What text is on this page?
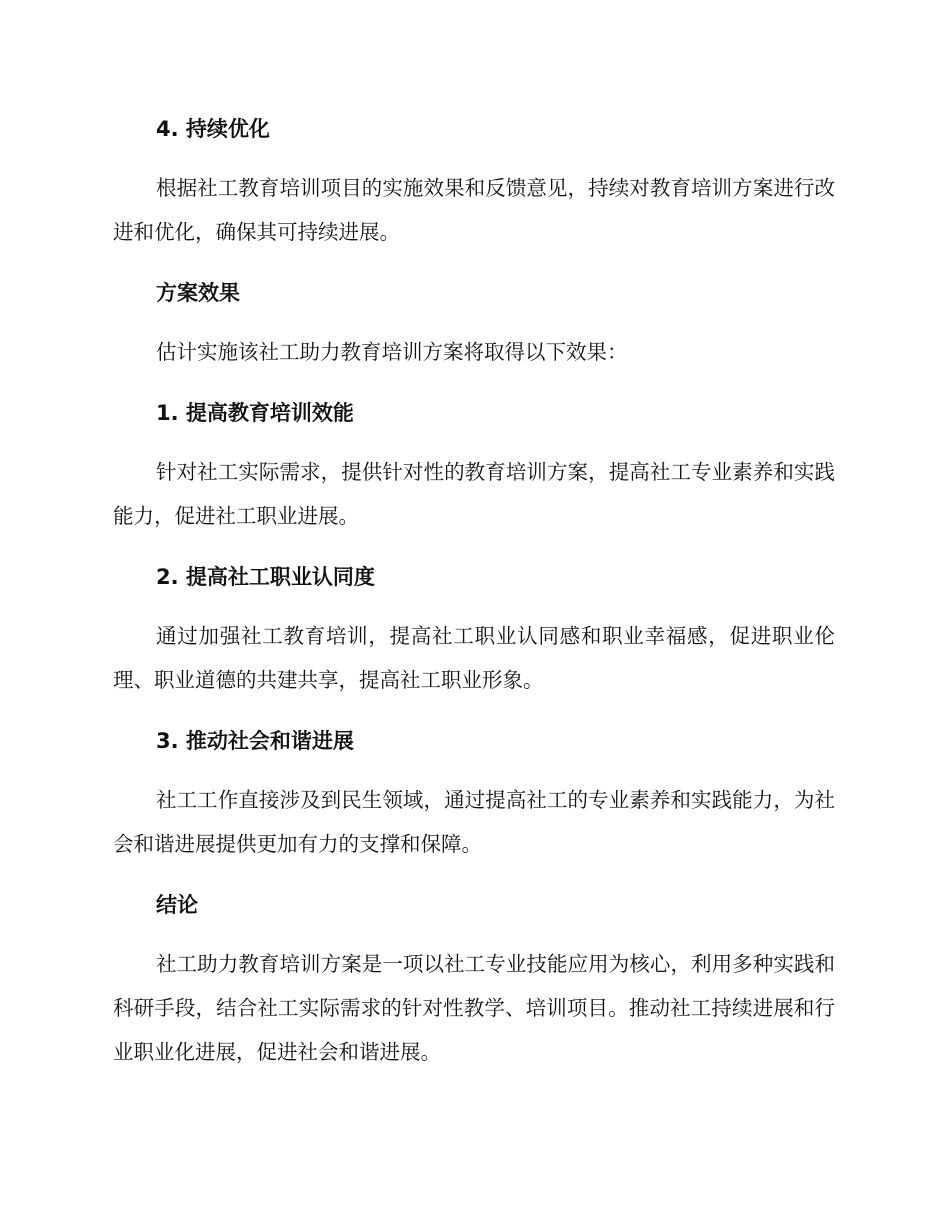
4. 持续优化

根据社工教育培训项目的实施效果和反馈意见，持续对教育培训方案进行改进和优化，确保其可持续进展。

方案效果

估计实施该社工助力教育培训方案将取得以下效果：

1. 提高教育培训效能

针对社工实际需求，提供针对性的教育培训方案，提高社工专业素养和实践能力，促进社工职业进展。

2. 提高社工职业认同度

通过加强社工教育培训，提高社工职业认同感和职业幸福感，促进职业伦理、职业道德的共建共享，提高社工职业形象。

3. 推动社会和谐进展

社工工作直接涉及到民生领域，通过提高社工的专业素养和实践能力，为社会和谐进展提供更加有力的支撑和保障。

结论

社工助力教育培训方案是一项以社工专业技能应用为核心，利用多种实践和科研手段，结合社工实际需求的针对性教学、培训项目。推动社工持续进展和行业职业化进展，促进社会和谐进展。
